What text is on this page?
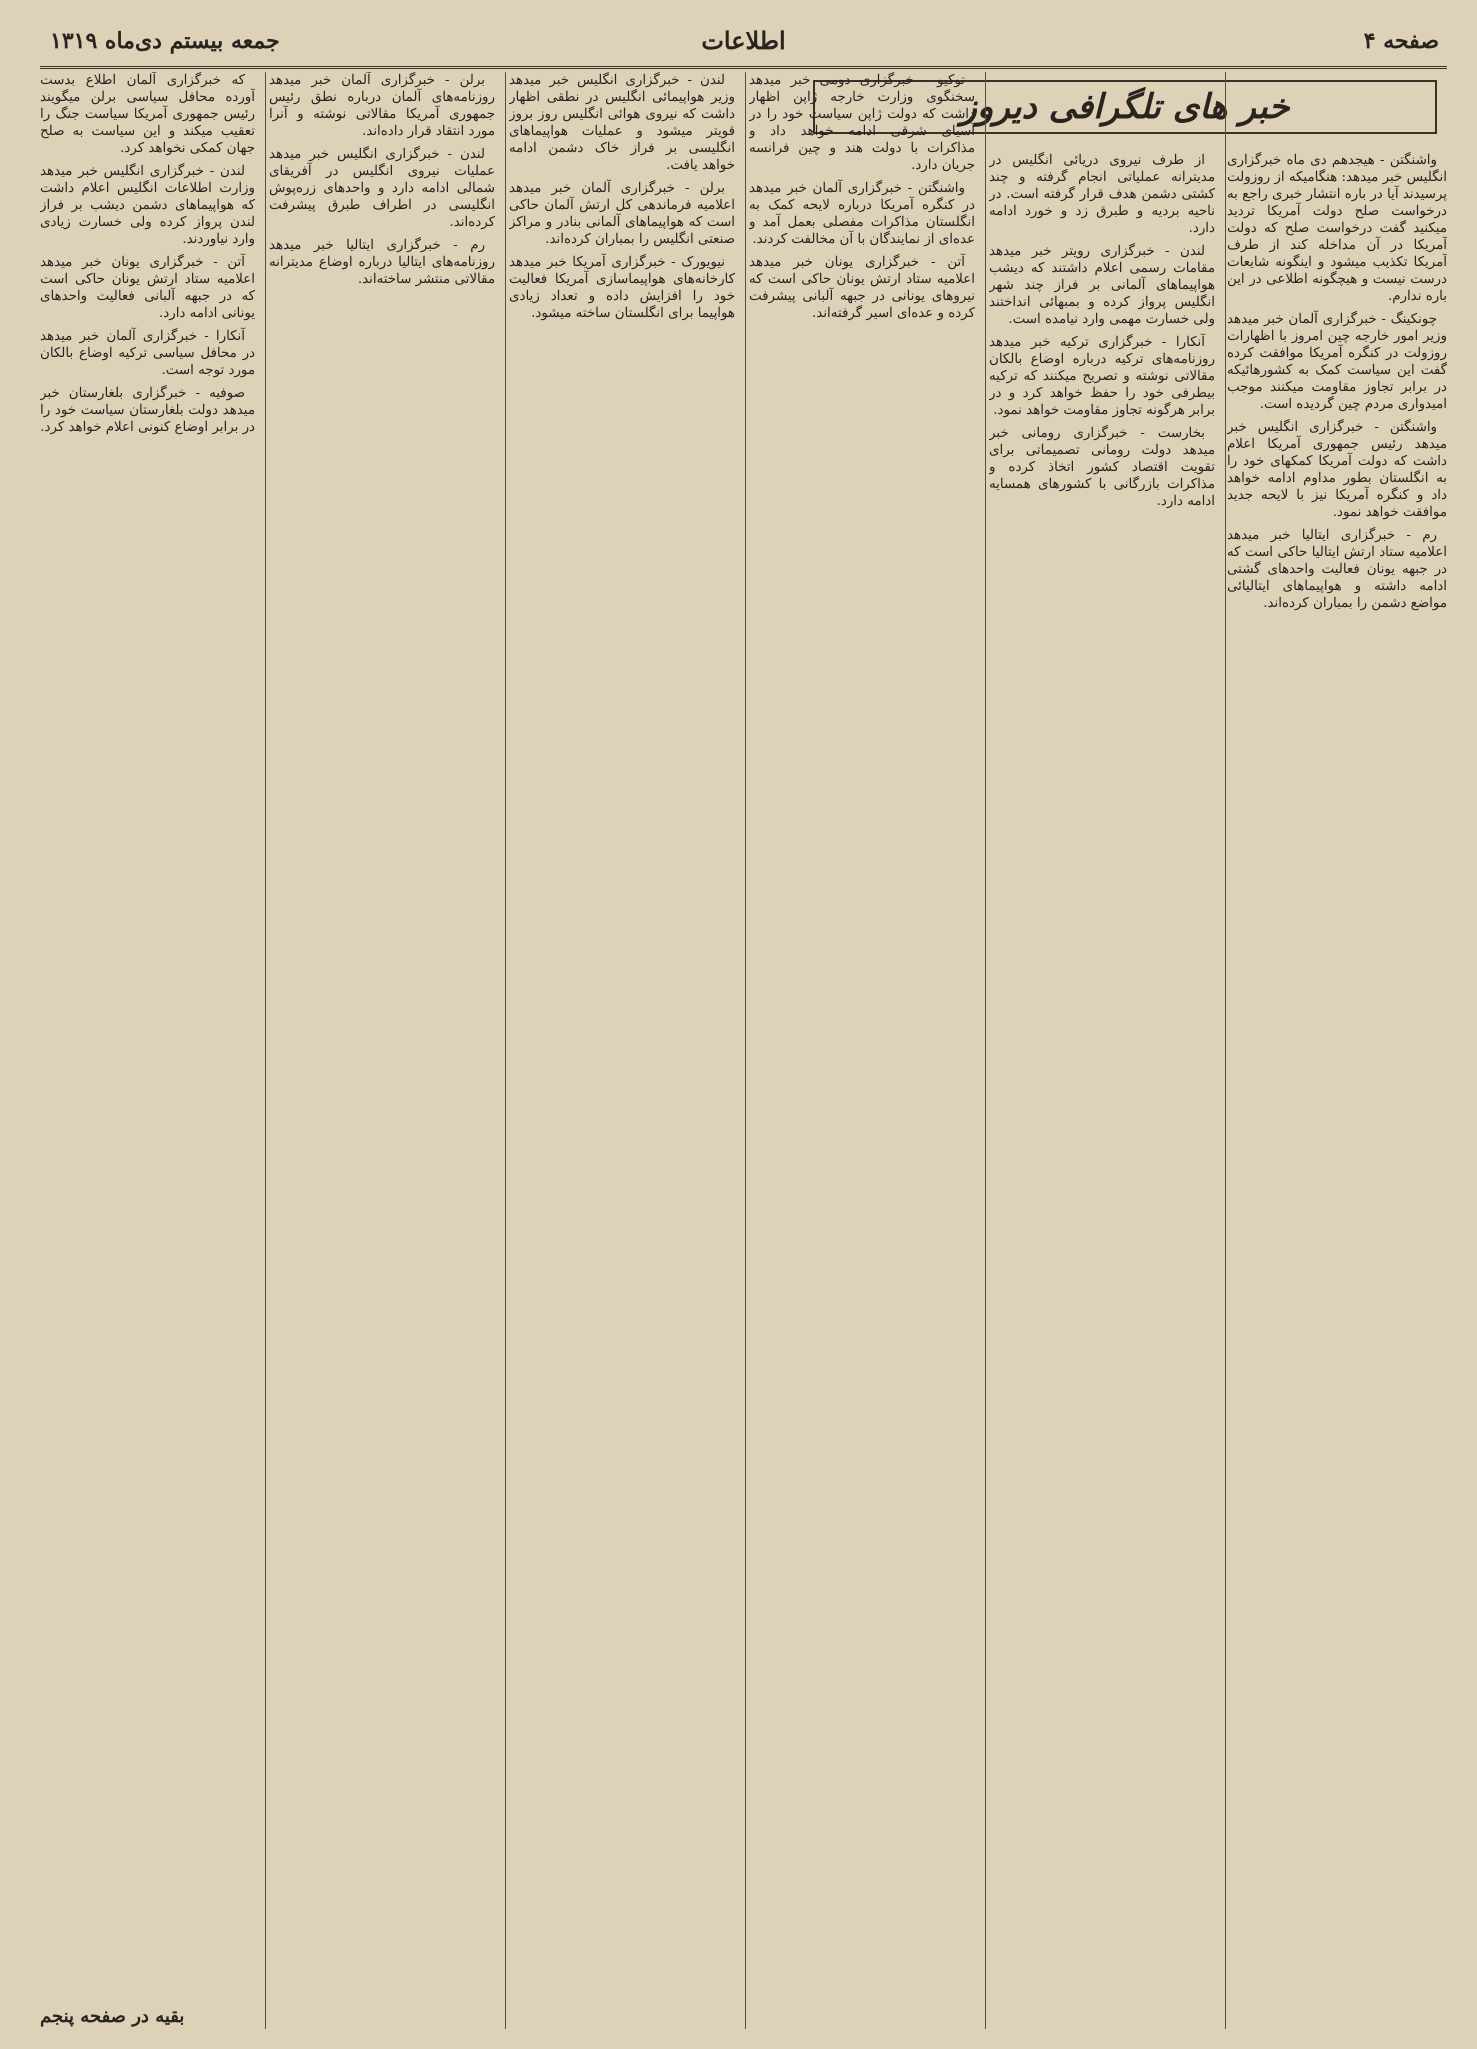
صفحه ۴
اطلاعات
جمعه بیستم دی‌ماه ۱۳۱۹
خبر های تلگرافی دیروز

واشنگتن - هیجدهم دی ماه خبرگزاری انگلیس خبر میدهد: هنگامیکه از روزولت پرسیدند آیا در باره انتشار خبری راجع به درخواست صلح دولت آمریکا تردید میکنید گفت درخواست صلح که دولت آمریکا در آن مداخله کند از طرف آمریکا تکذیب میشود و اینگونه شایعات درست نیست و هیچگونه اطلاعی در این باره ندارم.

چونکینگ - خبرگزاری آلمان خبر میدهد وزیر امور خارجه چین امروز با اظهارات روزولت در کنگره آمریکا موافقت کرده گفت این سیاست کمک به کشورهائیکه در برابر تجاوز مقاومت میکنند موجب امیدواری مردم چین گردیده است.

واشنگتن - خبرگزاری انگلیس خبر میدهد رئیس جمهوری آمریکا اعلام داشت که دولت آمریکا کمکهای خود را به انگلستان بطور مداوم ادامه خواهد داد و کنگره آمریکا نیز با لایحه جدید موافقت خواهد نمود.

رم - خبرگزاری ایتالیا خبر میدهد اعلامیه ستاد ارتش ایتالیا حاکی است که در جبهه یونان فعالیت واحدهای گشتی ادامه داشته و هواپیماهای ایتالیائی مواضع دشمن را بمباران کرده‌اند.

از طرف نیروی دریائی انگلیس در مدیترانه عملیاتی انجام گرفته و چند کشتی دشمن هدف قرار گرفته است. در ناحیه بردیه و طبرق زد و خورد ادامه دارد.

لندن - خبرگزاری رویتر خبر میدهد مقامات رسمی اعلام داشتند که دیشب هواپیماهای آلمانی بر فراز چند شهر انگلیس پرواز کرده و بمبهائی انداختند ولی خسارت مهمی وارد نیامده است.

آنکارا - خبرگزاری ترکیه خبر میدهد روزنامه‌های ترکیه درباره اوضاع بالکان مقالاتی نوشته و تصریح میکنند که ترکیه بیطرفی خود را حفظ خواهد کرد و در برابر هرگونه تجاوز مقاومت خواهد نمود.

بخارست - خبرگزاری رومانی خبر میدهد دولت رومانی تصمیماتی برای تقویت اقتصاد کشور اتخاذ کرده و مذاکرات بازرگانی با کشورهای همسایه ادامه دارد.

توکیو - خبرگزاری دومی خبر میدهد سخنگوی وزارت خارجه ژاپن اظهار داشت که دولت ژاپن سیاست خود را در آسیای شرقی ادامه خواهد داد و مذاکرات با دولت هند و چین فرانسه جریان دارد.

واشنگتن - خبرگزاری آلمان خبر میدهد در کنگره آمریکا درباره لایحه کمک به انگلستان مذاکرات مفصلی بعمل آمد و عده‌ای از نمایندگان با آن مخالفت کردند.

آتن - خبرگزاری یونان خبر میدهد اعلامیه ستاد ارتش یونان حاکی است که نیروهای یونانی در جبهه آلبانی پیشرفت کرده و عده‌ای اسیر گرفته‌اند.

لندن - خبرگزاری انگلیس خبر میدهد وزیر هواپیمائی انگلیس در نطقی اظهار داشت که نیروی هوائی انگلیس روز بروز قویتر میشود و عملیات هواپیماهای انگلیسی بر فراز خاک دشمن ادامه خواهد یافت.

برلن - خبرگزاری آلمان خبر میدهد اعلامیه فرماندهی کل ارتش آلمان حاکی است که هواپیماهای آلمانی بنادر و مراکز صنعتی انگلیس را بمباران کرده‌اند.

نیویورک - خبرگزاری آمریکا خبر میدهد کارخانه‌های هواپیماسازی آمریکا فعالیت خود را افزایش داده و تعداد زیادی هواپیما برای انگلستان ساخته میشود.

برلن - خبرگزاری آلمان خبر میدهد روزنامه‌های آلمان درباره نطق رئیس جمهوری آمریکا مقالاتی نوشته و آنرا مورد انتقاد قرار داده‌اند.

لندن - خبرگزاری انگلیس خبر میدهد عملیات نیروی انگلیس در آفریقای شمالی ادامه دارد و واحدهای زره‌پوش انگلیسی در اطراف طبرق پیشرفت کرده‌اند.

رم - خبرگزاری ایتالیا خبر میدهد روزنامه‌های ایتالیا درباره اوضاع مدیترانه مقالاتی منتشر ساخته‌اند.

که خبرگزاری آلمان اطلاع بدست آورده محافل سیاسی برلن میگویند رئیس جمهوری آمریکا سیاست جنگ را تعقیب میکند و این سیاست به صلح جهان کمکی نخواهد کرد.

لندن - خبرگزاری انگلیس خبر میدهد وزارت اطلاعات انگلیس اعلام داشت که هواپیماهای دشمن دیشب بر فراز لندن پرواز کرده ولی خسارت زیادی وارد نیاوردند.

آتن - خبرگزاری یونان خبر میدهد اعلامیه ستاد ارتش یونان حاکی است که در جبهه آلبانی فعالیت واحدهای یونانی ادامه دارد.

آنکارا - خبرگزاری آلمان خبر میدهد در محافل سیاسی ترکیه اوضاع بالکان مورد توجه است.

صوفیه - خبرگزاری بلغارستان خبر میدهد دولت بلغارستان سیاست خود را در برابر اوضاع کنونی اعلام خواهد کرد.

بقیه در صفحه پنجم
